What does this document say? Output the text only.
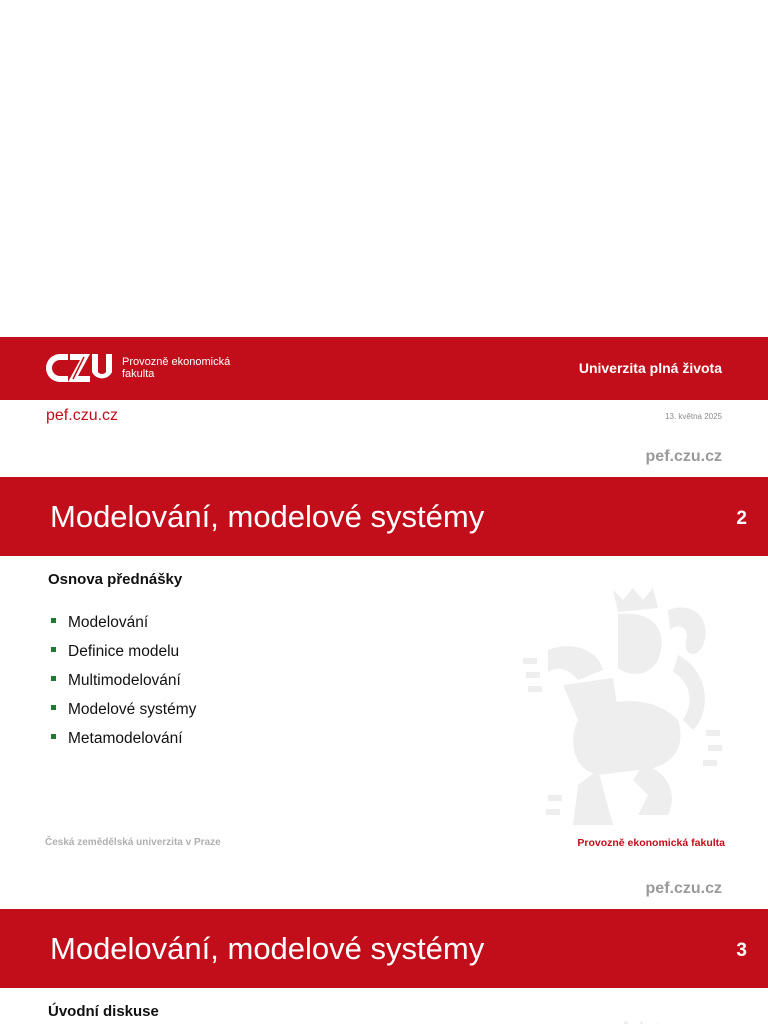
Provozně ekonomická
fakulta	Univerzita plná života
pef.czu.cz	13. května 2025
pef.czu.cz
Modelování, modelové systémy	2
Osnova přednášky
Modelování
Definice modelu
Multimodelování
Modelové systémy
Metamodelování
Česká zemědělská univerzita v Praze	Provozně ekonomická fakulta
pef.czu.cz
Modelování, modelové systémy	3
Úvodní diskuse
